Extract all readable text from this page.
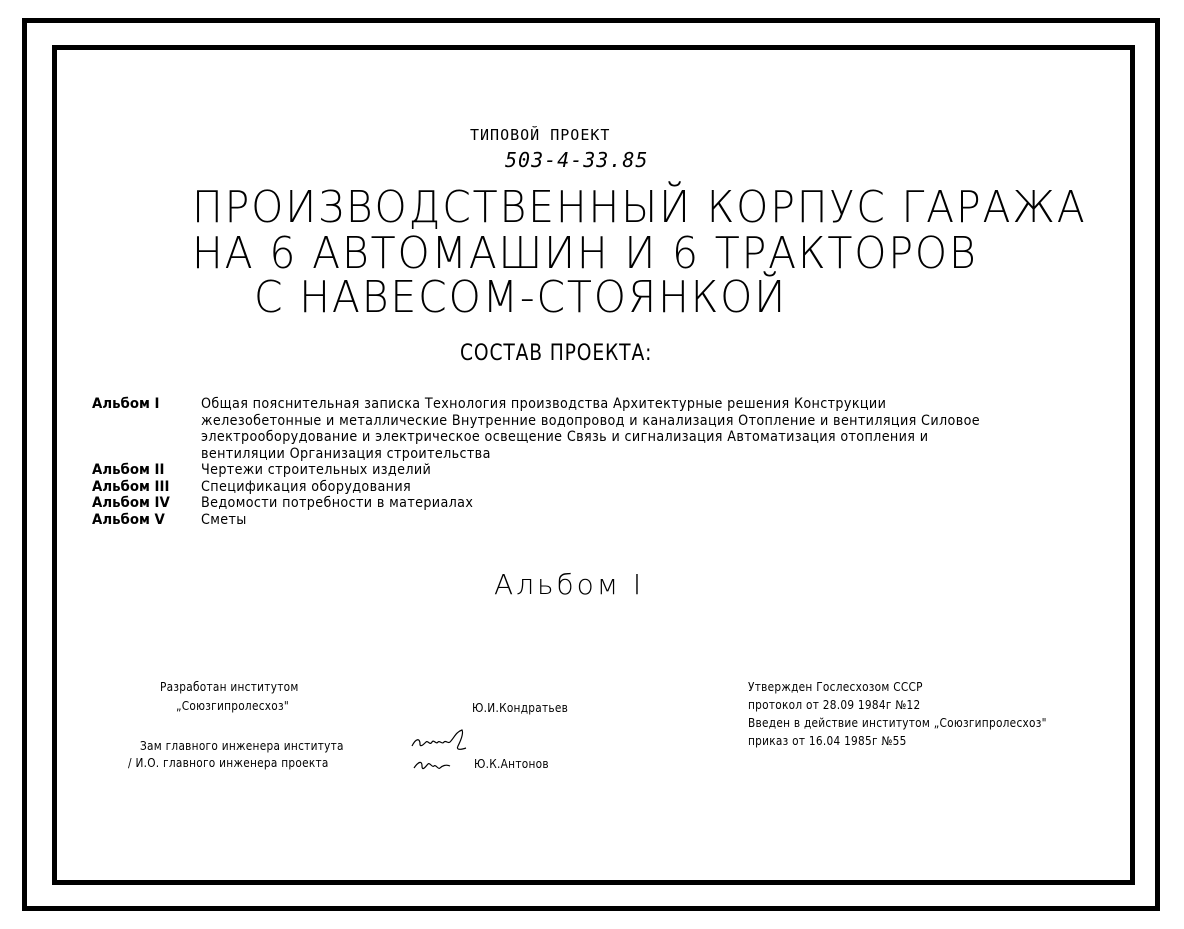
ТИПОВОЙ ПРОЕКТ
503-4-33.85
ПРОИЗВОДСТВЕННЫЙ КОРПУС ГАРАЖА
НА 6 АВТОМАШИН И 6 ТРАКТОРОВ
С НАВЕСОМ-СТОЯНКОЙ
СОСТАВ ПРОЕКТА:
Альбом I	Общая пояснительная записка Технология производства Архитектурные решения Конструкции железобетонные и металлические Внутренние водопровод и канализация Отопление и вентиляция Силовое электрооборудование и электрическое освещение Связь и сигнализация Автоматизация отопления и вентиляции Организация строительства
Альбом II	Чертежи строительных изделий
Альбом III	Спецификация оборудования
Альбом IV	Ведомости потребности в материалах
Альбом V	Сметы
Альбом I
Разработан институтом
„Союзгипролесхоз"	Ю.И.Кондратьев
Зам главного инженера института
/ И.О. главного инженера проекта	Ю.К.Антонов
Утвержден Гослесхозом СССР
протокол от 28.09 1984г №12
Введен в действие институтом „Союзгипролесхоз"
приказ от 16.04 1985г №55
